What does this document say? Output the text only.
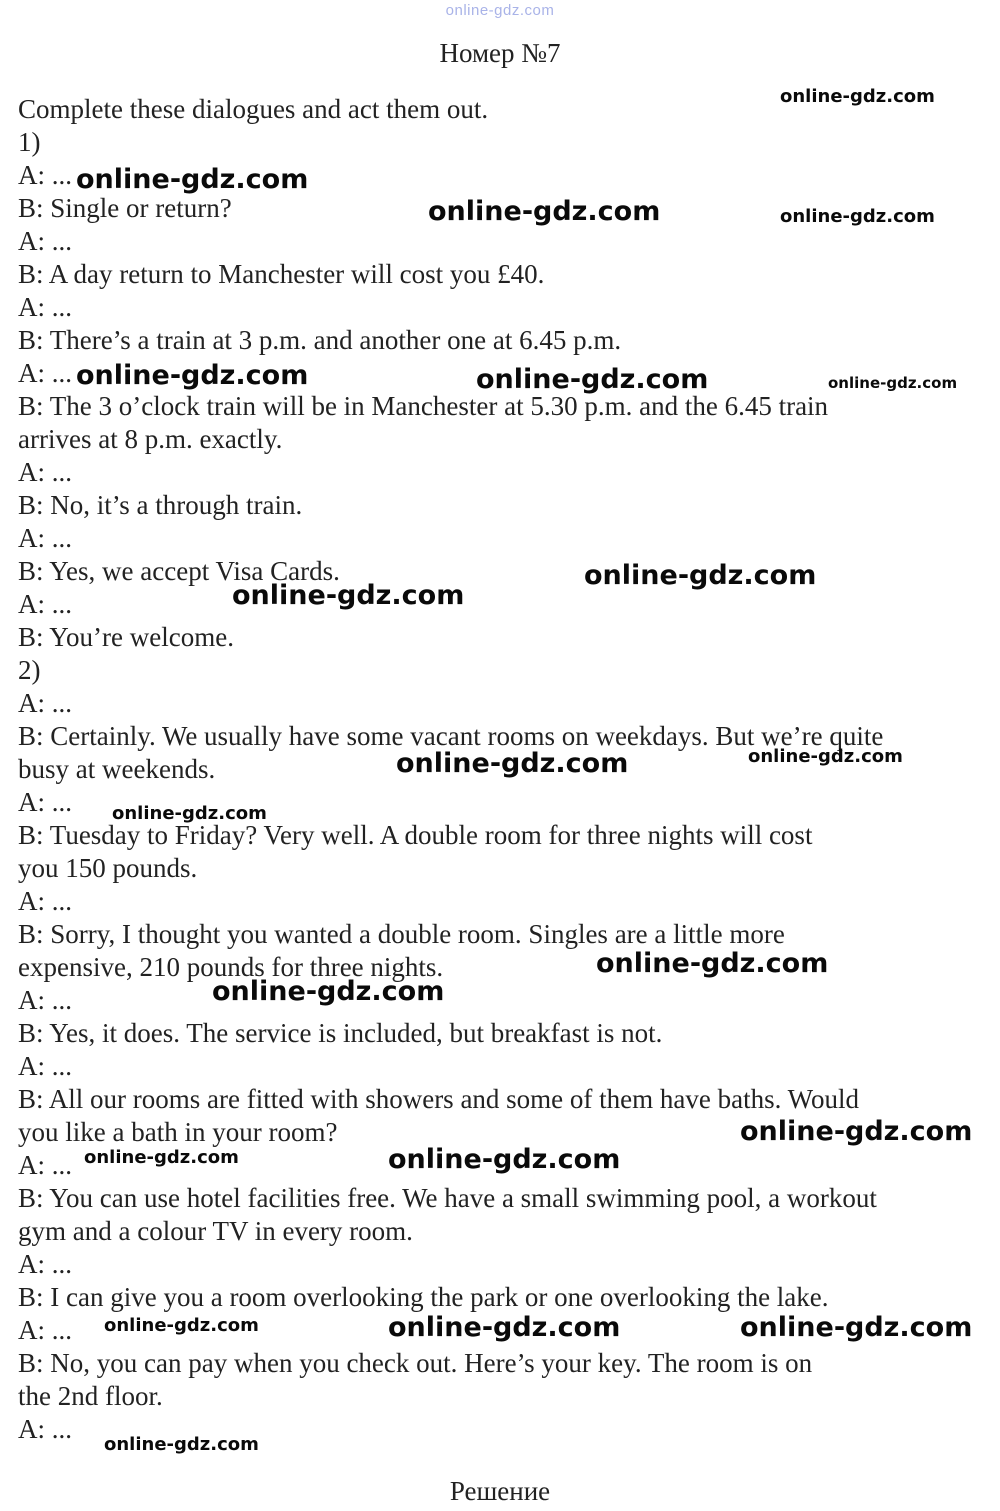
online-gdz.com
Номер №7

Complete these dialogues and act them out.

1)

A: ...

B: Single or return?

A: ...

B: A day return to Manchester will cost you £40.

A: ...

B: There’s a train at 3 p.m. and another one at 6.45 p.m.

A: ...

B: The 3 o’clock train will be in Manchester at 5.30 p.m. and the 6.45 train

arrives at 8 p.m. exactly.

A: ...

B: No, it’s a through train.

A: ...

B: Yes, we accept Visa Cards.

A: ...

B: You’re welcome.

2)

A: ...

B: Certainly. We usually have some vacant rooms on weekdays. But we’re quite

busy at weekends.

A: ...

B: Tuesday to Friday? Very well. A double room for three nights will cost

you 150 pounds.

A: ...

B: Sorry, I thought you wanted a double room. Singles are a little more

expensive, 210 pounds for three nights.

A: ...

B: Yes, it does. The service is included, but breakfast is not.

A: ...

B: All our rooms are fitted with showers and some of them have baths. Would

you like a bath in your room?

A: ...

B: You can use hotel facilities free. We have a small swimming pool, a workout

gym and a colour TV in every room.

A: ...

B: I can give you a room overlooking the park or one overlooking the lake.

A: ...

B: No, you can pay when you check out. Here’s your key. The room is on

the 2nd floor.

A: ...

online-gdz.com
online-gdz.com
online-gdz.com	online-gdz.com
online-gdz.com	online-gdz.com	online-gdz.com
online-gdz.com
online-gdz.com
online-gdz.com	online-gdz.com
online-gdz.com
online-gdz.com
online-gdz.com
online-gdz.com
online-gdz.com	online-gdz.com
online-gdz.com	online-gdz.com	online-gdz.com
online-gdz.com
Решение
